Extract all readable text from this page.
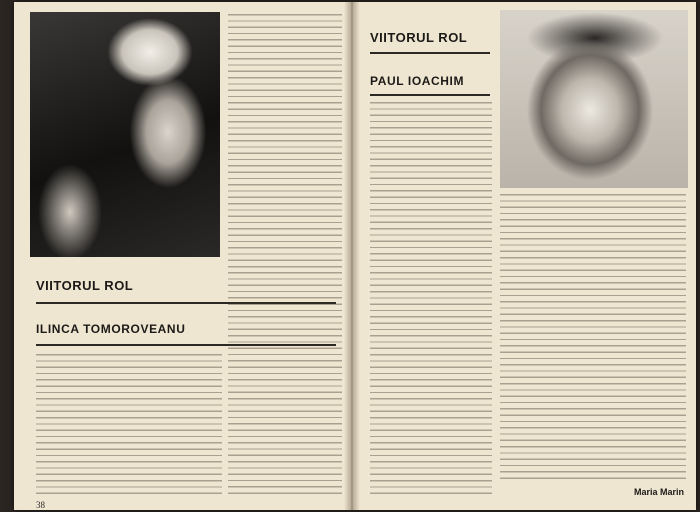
VIITORUL ROL
ILINCA TOMOROVEANU
38
VIITORUL ROL
PAUL IOACHIM
Maria Marin
